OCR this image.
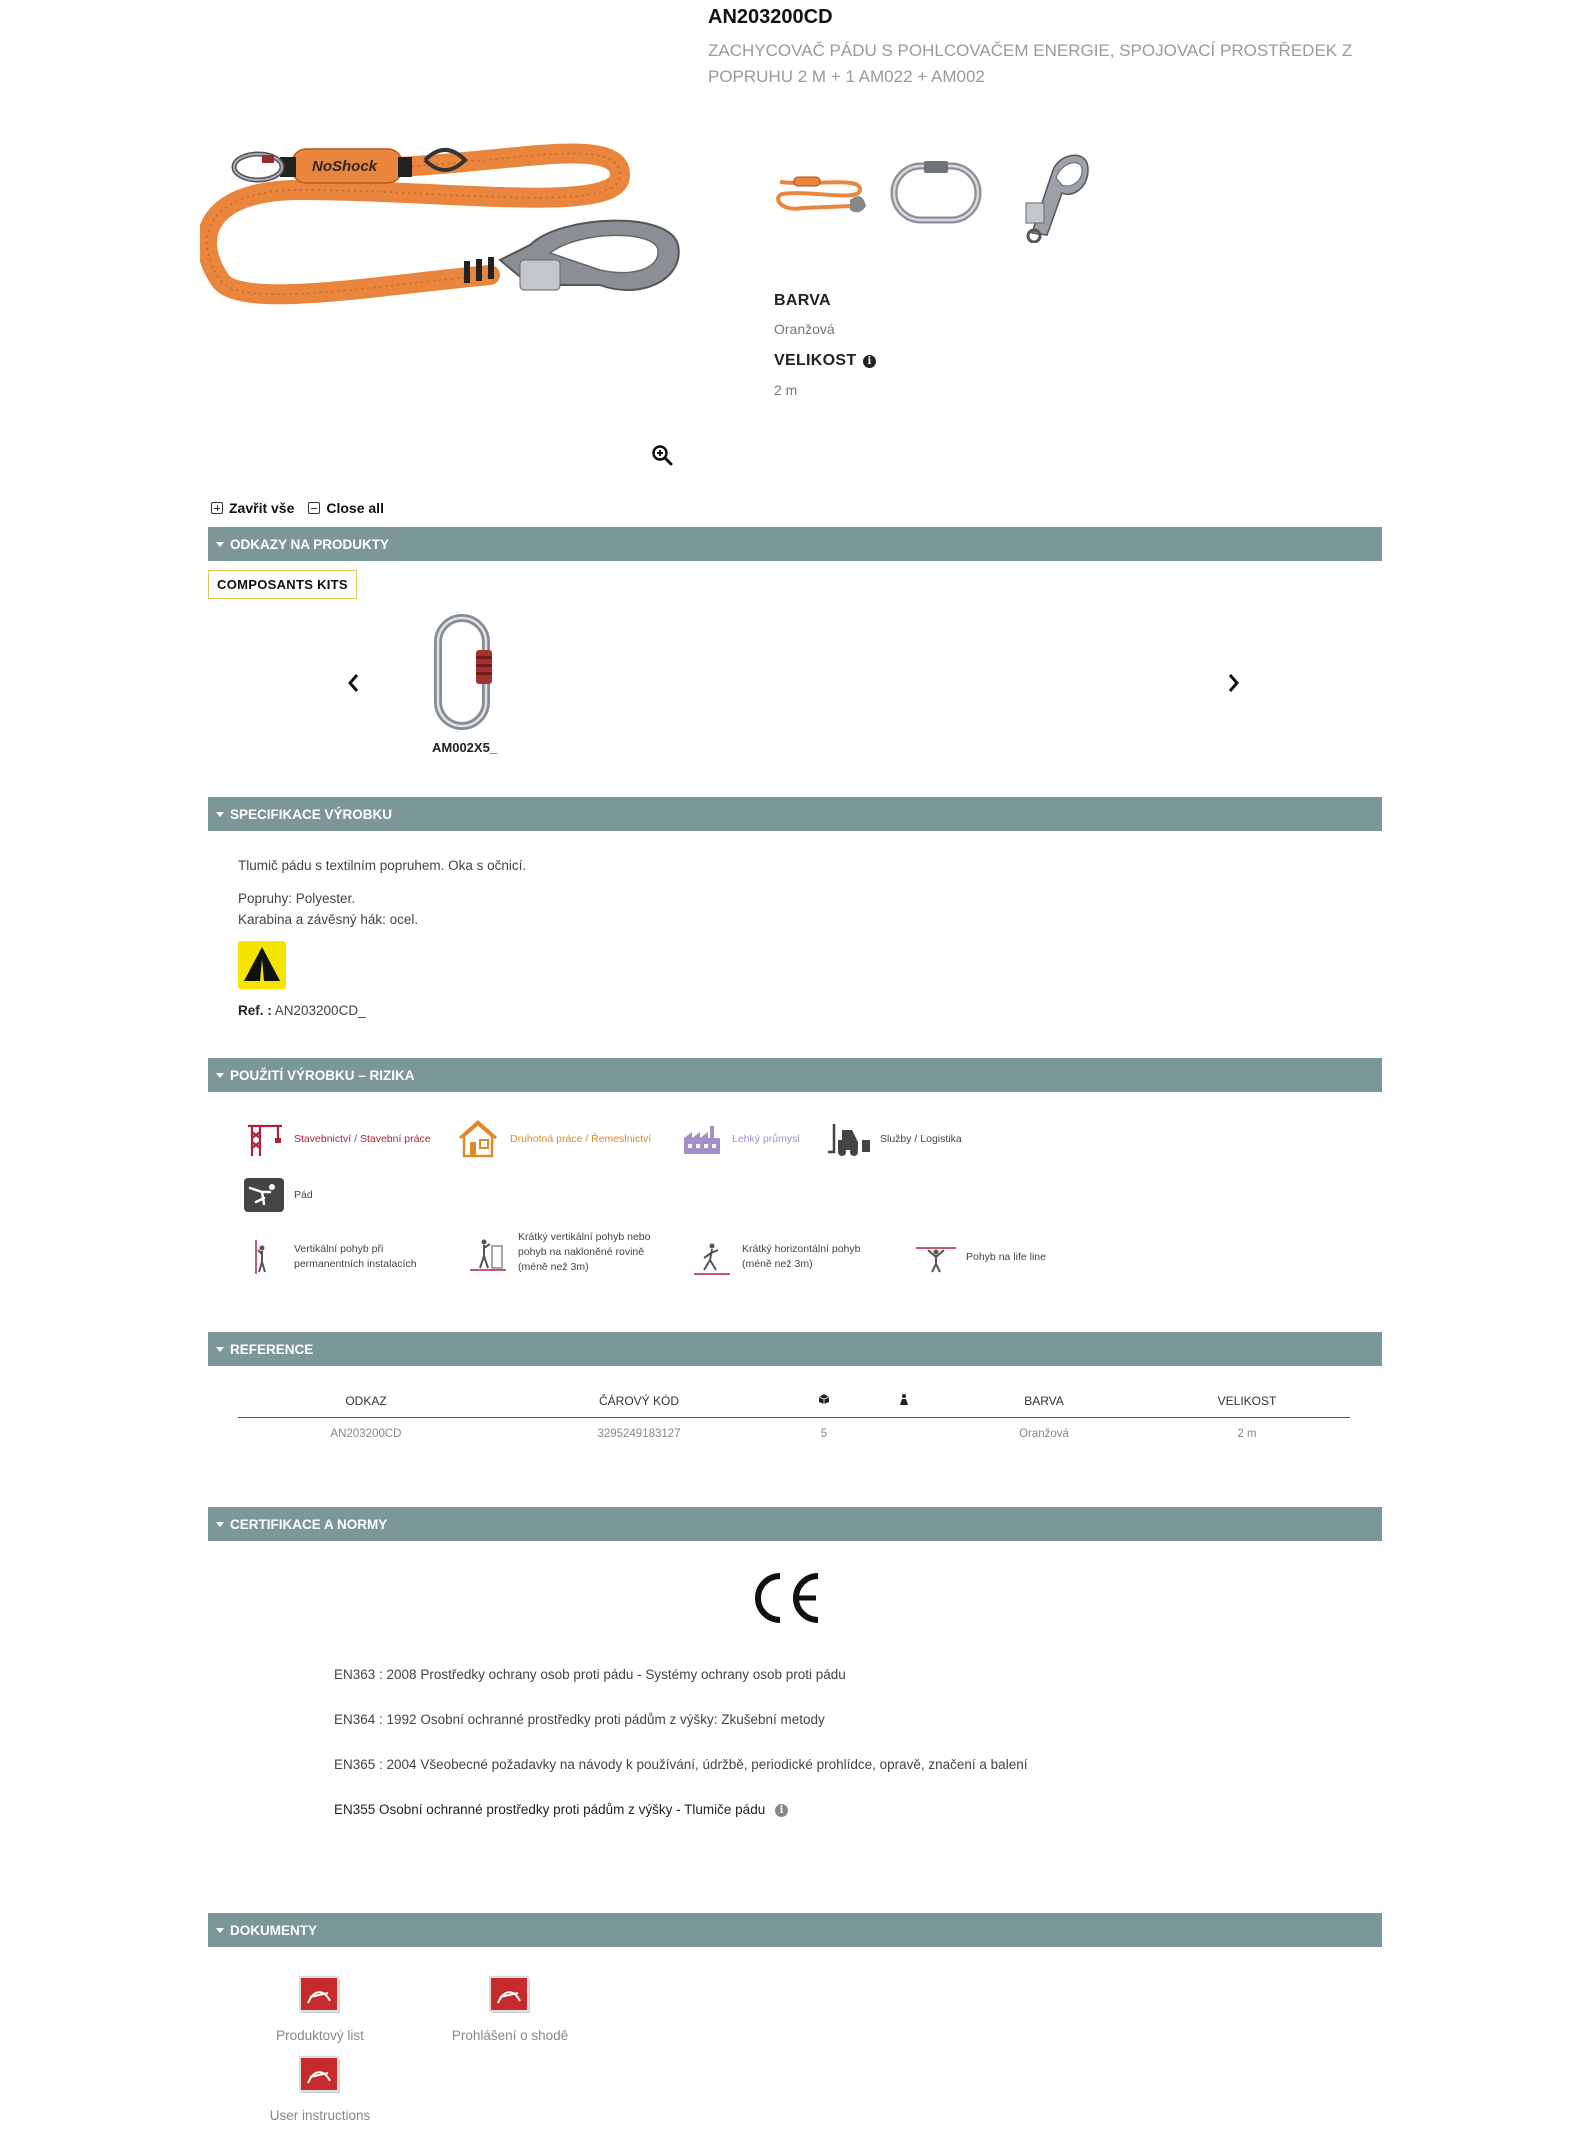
AN203200CD
ZACHYCOVAČ PÁDU S POHLCOVAČEM ENERGIE, SPOJOVACÍ PROSTŘEDEK Z POPRUHU 2 M + 1 AM022 + AM002
NoShock
BARVA
Oranžová
VELIKOST i
2 m
Zavřit vše Close all
ODKAZY NA PRODUKTY
COMPOSANTS KITS
AM002X5_
SPECIFIKACE VÝROBKU
Tlumič pádu s textilním popruhem. Oka s očnicí.
Popruhy: Polyester.
Karabina a závěsný hák: ocel.
Ref. : AN203200CD_
POUŽITÍ VÝROBKU – RIZIKA
Stavebnictví / Stavební práce	Druhotná práce / Řemeslnictví	Lehký průmysl	Služby / Logistika
Pád
Vertikální pohyb při
permanentních instalacích
Krátký vertikální pohyb nebo
pohyb na nakloněné rovině
(méně než 3m)
Krátký horizontální pohyb
(méně než 3m)
Pohyb na life line
REFERENCE
ODKAZ	ČÁROVÝ KÓD			BARVA	VELIKOST
AN203200CD	3295249183127	5		Oranžová	2 m
CERTIFIKACE A NORMY
EN363 : 2008 Prostředky ochrany osob proti pádu - Systémy ochrany osob proti pádu
EN364 : 1992 Osobní ochranné prostředky proti pádům z výšky: Zkušební metody
EN365 : 2004 Všeobecné požadavky na návody k používání, údržbě, periodické prohlídce, opravě, značení a balení
EN355 Osobní ochranné prostředky proti pádům z výšky - Tlumiče pádu i
DOKUMENTY
Produktový list	Prohlášení o shodě
User instructions
